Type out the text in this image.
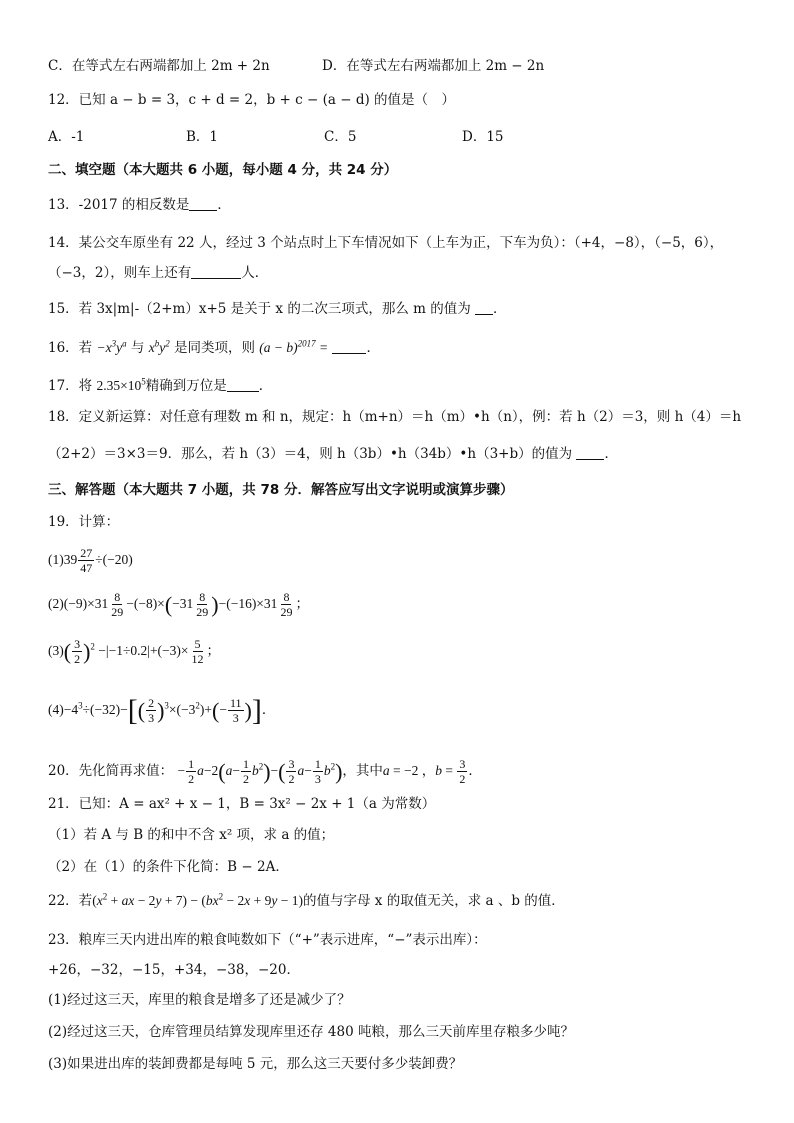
C．在等式左右两端都加上 2m + 2n	D．在等式左右两端都加上 2m − 2n
12．已知 a − b = 3，c + d = 2，b + c − (a − d) 的值是（　）
A．-1	B．1	C．5	D．15
二、填空题（本大题共 6 小题，每小题 4 分，共 24 分）
13．-2017 的相反数是 ．
14．某公交车原坐有 22 人，经过 3 个站点时上下车情况如下（上车为正，下车为负）：（+4，−8），（−5，6），
（−3，2），则车上还有	人．
15．若 3x|m|-（2+m）x+5 是关于 x 的二次三项式，那么 m 的值为 ．
16．若 $-x^3y^a$ 与 $x^by^2$ 是同类项，则 $(a - b)^{2017}$ =	．
17．将 $2.35\times 10^5$精确到万位是 ．
18．定义新运算：对任意有理数 m 和 n，规定：h（m+n）＝h（m）•h（n），例：若 h（2）＝3，则 h（4）＝h
（2+2）＝3×3＝9．那么，若 h（3）＝4，则 h（3b）•h（34b）•h（3+b）的值为 ．
三、解答题（本大题共 7 小题，共 78 分．解答应写出文字说明或演算步骤）
19．计算：
$(1)39 \frac{27}{47} \div(-20)$
$(2)(-9)\times 31 \frac{8}{29} -(-8)\times(-31 \frac{8}{29} )-(-16)\times 31 \frac{8}{29}$ ；
$(3)( \frac{3}{2} )^2 -|-1\div 0.2|+(-3)\times \frac{5}{12}$ ；
$(4)-4^3\div(-32)-[( \frac{2}{3} )^3\times(-3^2)+(- \frac{11}{3}$ )]．
20．先化简再求值： − $\frac{1}{2} a-2(a- \frac{1}{2} b^2)-( \frac{3}{2} a- \frac{1}{3} b^2)$，其中a = −2 ，$b = \frac{3}{2}$ ．
21．已知：A = ax² + x − 1，B = 3x² − 2x + 1（a 为常数）
（1）若 A 与 B 的和中不含 x² 项，求 a 的值；
（2）在（1）的条件下化简：B − 2A．
22．若($x^2$ + ax − $2y + 7) - (bx^2 - 2x + 9y - 1)$的值与字母 x 的取值无关，求 a 、b 的值．
23．粮库三天内进出库的粮食吨数如下（“+”表示进库，“−”表示出库）：
+26，−32，−15，+34，−38，−20．
(1)经过这三天，库里的粮食是增多了还是减少了？
(2)经过这三天，仓库管理员结算发现库里还存 480 吨粮，那么三天前库里存粮多少吨？
(3)如果进出库的装卸费都是每吨 5 元，那么这三天要付多少装卸费？
